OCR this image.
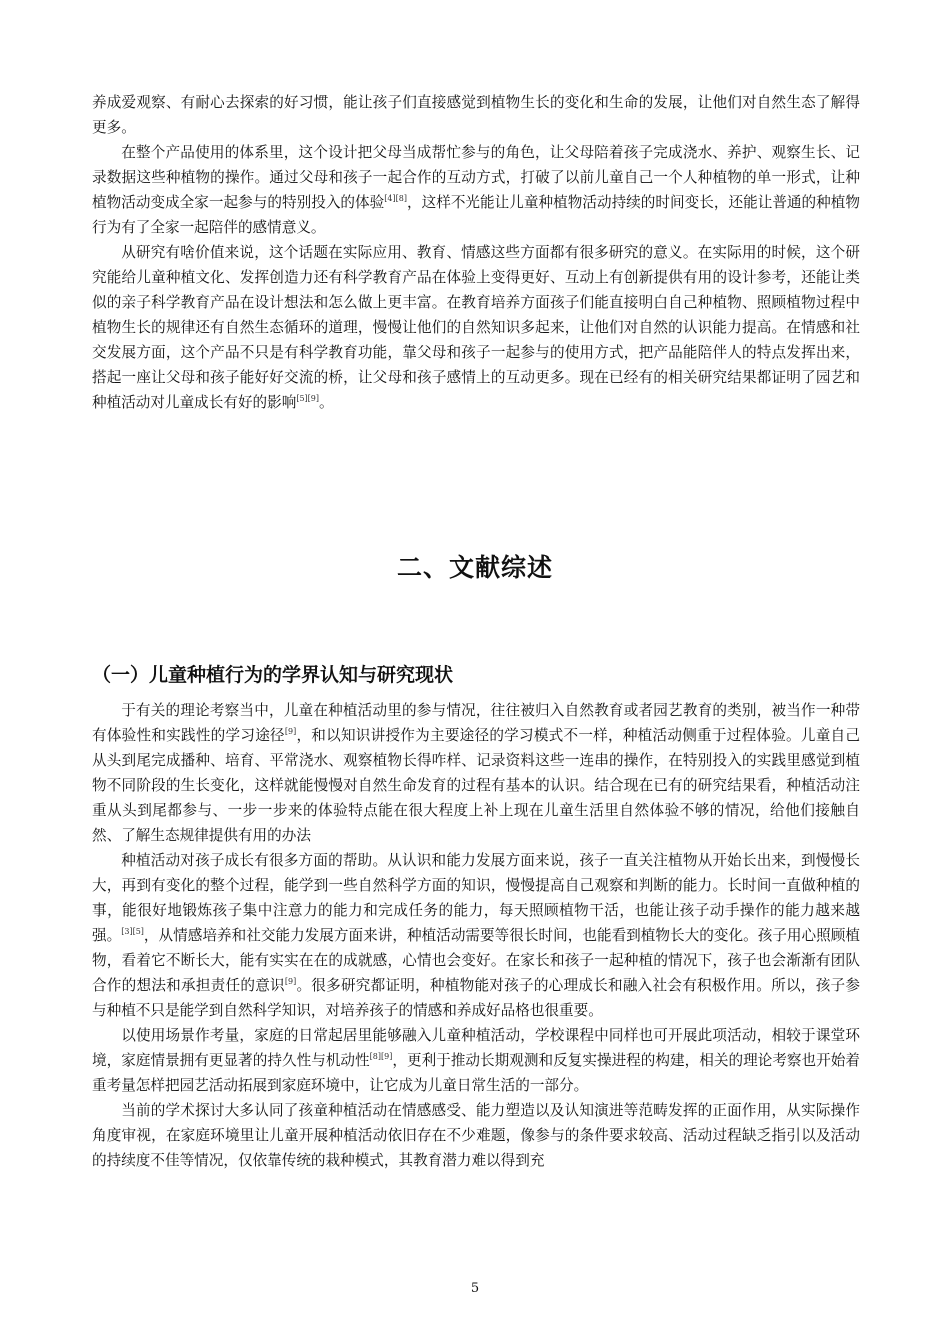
养成爱观察、有耐心去探索的好习惯，能让孩子们直接感觉到植物生长的变化和生命的发展，让他们对自然生态了解得更多。

在整个产品使用的体系里，这个设计把父母当成帮忙参与的角色，让父母陪着孩子完成浇水、养护、观察生长、记录数据这些种植物的操作。通过父母和孩子一起合作的互动方式，打破了以前儿童自己一个人种植物的单一形式，让种植物活动变成全家一起参与的特别投入的体验[4][8]，这样不光能让儿童种植物活动持续的时间变长，还能让普通的种植物行为有了全家一起陪伴的感情意义。

从研究有啥价值来说，这个话题在实际应用、教育、情感这些方面都有很多研究的意义。在实际用的时候，这个研究能给儿童种植文化、发挥创造力还有科学教育产品在体验上变得更好、互动上有创新提供有用的设计参考，还能让类似的亲子科学教育产品在设计想法和怎么做上更丰富。在教育培养方面孩子们能直接明白自己种植物、照顾植物过程中植物生长的规律还有自然生态循环的道理，慢慢让他们的自然知识多起来，让他们对自然的认识能力提高。在情感和社交发展方面，这个产品不只是有科学教育功能，靠父母和孩子一起参与的使用方式，把产品能陪伴人的特点发挥出来，搭起一座让父母和孩子能好好交流的桥，让父母和孩子感情上的互动更多。现在已经有的相关研究结果都证明了园艺和种植活动对儿童成长有好的影响[5][9]。

二、文献综述
（一）儿童种植行为的学界认知与研究现状

于有关的理论考察当中，儿童在种植活动里的参与情况，往往被归入自然教育或者园艺教育的类别，被当作一种带有体验性和实践性的学习途径[9]，和以知识讲授作为主要途径的学习模式不一样，种植活动侧重于过程体验。儿童自己从头到尾完成播种、培育、平常浇水、观察植物长得咋样、记录资料这些一连串的操作，在特别投入的实践里感觉到植物不同阶段的生长变化，这样就能慢慢对自然生命发育的过程有基本的认识。结合现在已有的研究结果看，种植活动注重从头到尾都参与、一步一步来的体验特点能在很大程度上补上现在儿童生活里自然体验不够的情况，给他们接触自然、了解生态规律提供有用的办法

种植活动对孩子成长有很多方面的帮助。从认识和能力发展方面来说，孩子一直关注植物从开始长出来，到慢慢长大，再到有变化的整个过程，能学到一些自然科学方面的知识，慢慢提高自己观察和判断的能力。长时间一直做种植的事，能很好地锻炼孩子集中注意力的能力和完成任务的能力，每天照顾植物干活，也能让孩子动手操作的能力越来越强。[3][5]，从情感培养和社交能力发展方面来讲，种植活动需要等很长时间，也能看到植物长大的变化。孩子用心照顾植物，看着它不断长大，能有实实在在的成就感，心情也会变好。在家长和孩子一起种植的情况下，孩子也会渐渐有团队合作的想法和承担责任的意识[9]。很多研究都证明，种植物能对孩子的心理成长和融入社会有积极作用。所以，孩子参与种植不只是能学到自然科学知识，对培养孩子的情感和养成好品格也很重要。

以使用场景作考量，家庭的日常起居里能够融入儿童种植活动，学校课程中同样也可开展此项活动，相较于课堂环境，家庭情景拥有更显著的持久性与机动性[8][9]，更利于推动长期观测和反复实操进程的构建，相关的理论考察也开始着重考量怎样把园艺活动拓展到家庭环境中，让它成为儿童日常生活的一部分。

当前的学术探讨大多认同了孩童种植活动在情感感受、能力塑造以及认知演进等范畴发挥的正面作用，从实际操作角度审视，在家庭环境里让儿童开展种植活动依旧存在不少难题，像参与的条件要求较高、活动过程缺乏指引以及活动的持续度不佳等情况，仅依靠传统的栽种模式，其教育潜力难以得到充

5
